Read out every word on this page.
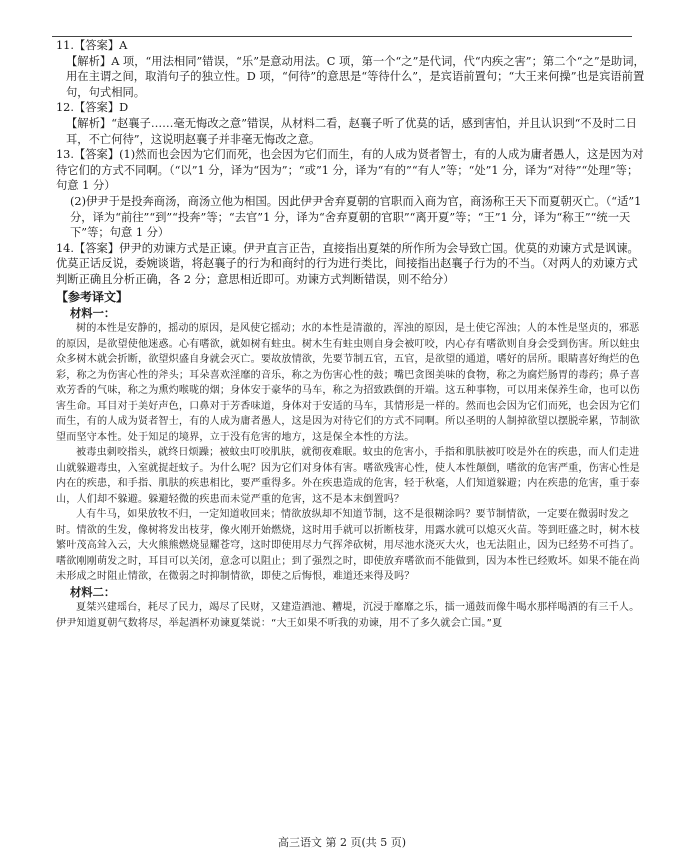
11.【答案】A

【解析】A 项，“用法相同”错误，“乐”是意动用法。C 项，第一个“之”是代词，代“内疾之害”；第二个“之”是助词，用在主谓之间，取消句子的独立性。D 项，“何待”的意思是“等待什么”，是宾语前置句；“大王来何操”也是宾语前置句，句式相同。

12.【答案】D

【解析】“赵襄子……毫无悔改之意”错误，从材料二看，赵襄子听了优莫的话，感到害怕，并且认识到“不及时二日耳，不亡何待”，这说明赵襄子并非毫无悔改之意。

13.【答案】(1)然而也会因为它们而死，也会因为它们而生，有的人成为贤者智士，有的人成为庸者愚人，这是因为对待它们的方式不同啊。（“以”1 分，译为“因为”；“或”1 分，译为“有的”“有人”等；“处”1 分，译为“对待”“处理”等；句意 1 分）

(2)伊尹于是投奔商汤，商汤立他为相国。因此伊尹舍弃夏朝的官职而入商为官，商汤称王天下而夏朝灭亡。（“适”1 分，译为“前往”“到”“投奔”等；“去官”1 分，译为“舍弃夏朝的官职”“离开夏”等；“王”1 分，译为“称王”“统一天下”等；句意 1 分）

14.【答案】伊尹的劝谏方式是正谏。伊尹直言正告，直接指出夏桀的所作所为会导致亡国。优莫的劝谏方式是讽谏。优莫正话反说，委婉谈谐，将赵襄子的行为和商纣的行为进行类比，间接指出赵襄子行为的不当。（对两人的劝谏方式判断正确且分析正确，各 2 分；意思相近即可。劝谏方式判断错误，则不给分）

【参考译文】

材料一：

树的本性是安静的，摇动的原因，是风使它摇动；水的本性是清澈的，浑浊的原因，是土使它浑浊；人的本性是坚贞的，邪恶的原因，是欲望使他迷惑。心有嗜欲，就如树有蛀虫。树木生有蛀虫则自身会被叮咬，内心存有嗜欲则自身会受到伤害。所以蛀虫众多树木就会折断，欲望炽盛自身就会灭亡。要故放情欲，先要节制五官，五官，是欲望的通道，嗜好的居所。眼睛喜好绚烂的色彩，称之为伤害心性的斧头；耳朵喜欢淫靡的音乐，称之为伤害心性的鼓；嘴巴贪图美味的食物，称之为腐烂肠胃的毒药；鼻子喜欢芳香的气味，称之为熏灼喉咙的烟；身体安于豪华的马车，称之为招致跌倒的开端。这五种事物，可以用来保养生命，也可以伤害生命。耳目对于美好声色，口鼻对于芳香味道，身体对于安适的马车，其情形是一样的。然而也会因为它们而死，也会因为它们而生，有的人成为贤者智士，有的人成为庸者愚人，这是因为对待它们的方式不同啊。所以圣明的人制掉欲望以摆脱牵累，节制欲望而坚守本性。处于知足的境界，立于没有危害的地方，这是保全本性的方法。

被毒虫刺咬指头，就终日烦躁；被蚊虫叮咬肌肤，就彻夜难眠。蚊虫的危害小，手指和肌肤被叮咬是外在的疾患，而人们走进山就躲避毒虫，入室就捉赶蚊子。为什么呢？因为它们对身体有害。嗜欲残害心性，使人本性颠倒，嗜欲的危害严重，伤害心性是内在的疾患，和手指、肌肤的疾患相比，要严重得多。外在疾患造成的危害，轻于秋毫，人们知道躲避；内在疾患的危害，重于泰山，人们却不躲避。躲避轻微的疾患而未觉严重的危害，这不是本末倒置吗？

人有牛马，如果放牧不归，一定知道收回来；情欲放纵却不知道节制，这不是很糊涂吗？要节制情欲，一定要在微弱时发之时。情欲的生发，像树将发出枝芽，像火刚开始燃烧，这时用手就可以折断枝芽，用露水就可以熄灭火苗。等到旺盛之时，树木枝繁叶茂高耸入云，大火熊熊燃烧显耀苍穹，这时即使用尽力气挥斧砍树，用尽池水浇灭大火，也无法阻止，因为已经势不可挡了。嗜欲刚刚萌发之时，耳目可以关闭，意念可以阻止；到了强烈之时，即使放弃嗜欲而不能做到，因为本性已经败坏。如果不能在尚未形成之时阻止情欲，在微弱之时抑制情欲，即使之后悔恨，难道还来得及吗？

材料二：

夏桀兴建瑶台，耗尽了民力，竭尽了民财，又建造酒池、糟堤，沉浸于靡靡之乐，擂一通鼓而像牛喝水那样喝酒的有三千人。伊尹知道夏朝气数将尽，举起酒杯劝谏夏桀说：“大王如果不听我的劝谏，用不了多久就会亡国。”夏

高三语文 第 2 页(共 5 页)
